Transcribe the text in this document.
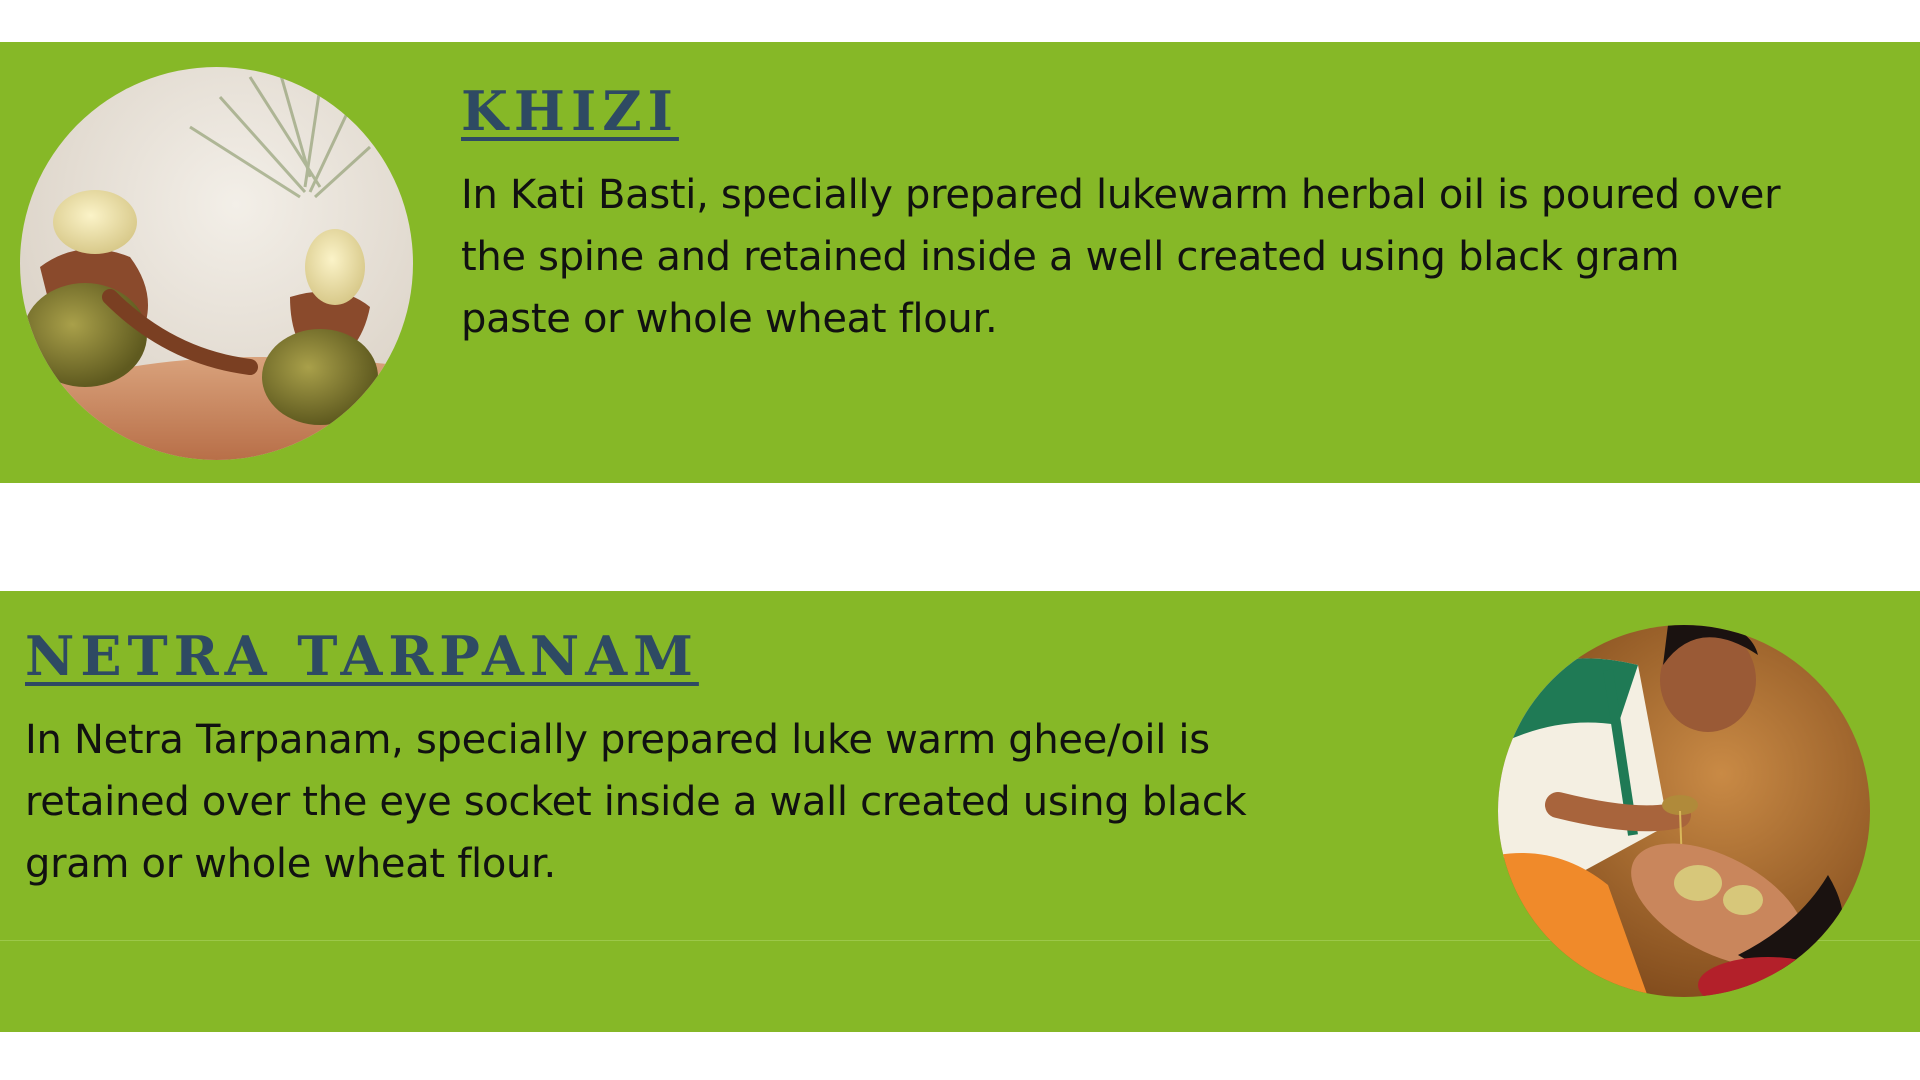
KHIZI

In Kati Basti, specially prepared lukewarm herbal oil is poured over the spine and retained inside a well created using black gram paste or whole wheat flour.

NETRA TARPANAM

In Netra Tarpanam, specially prepared luke warm ghee/oil is retained over the eye socket inside a wall created using black gram or whole wheat flour.
